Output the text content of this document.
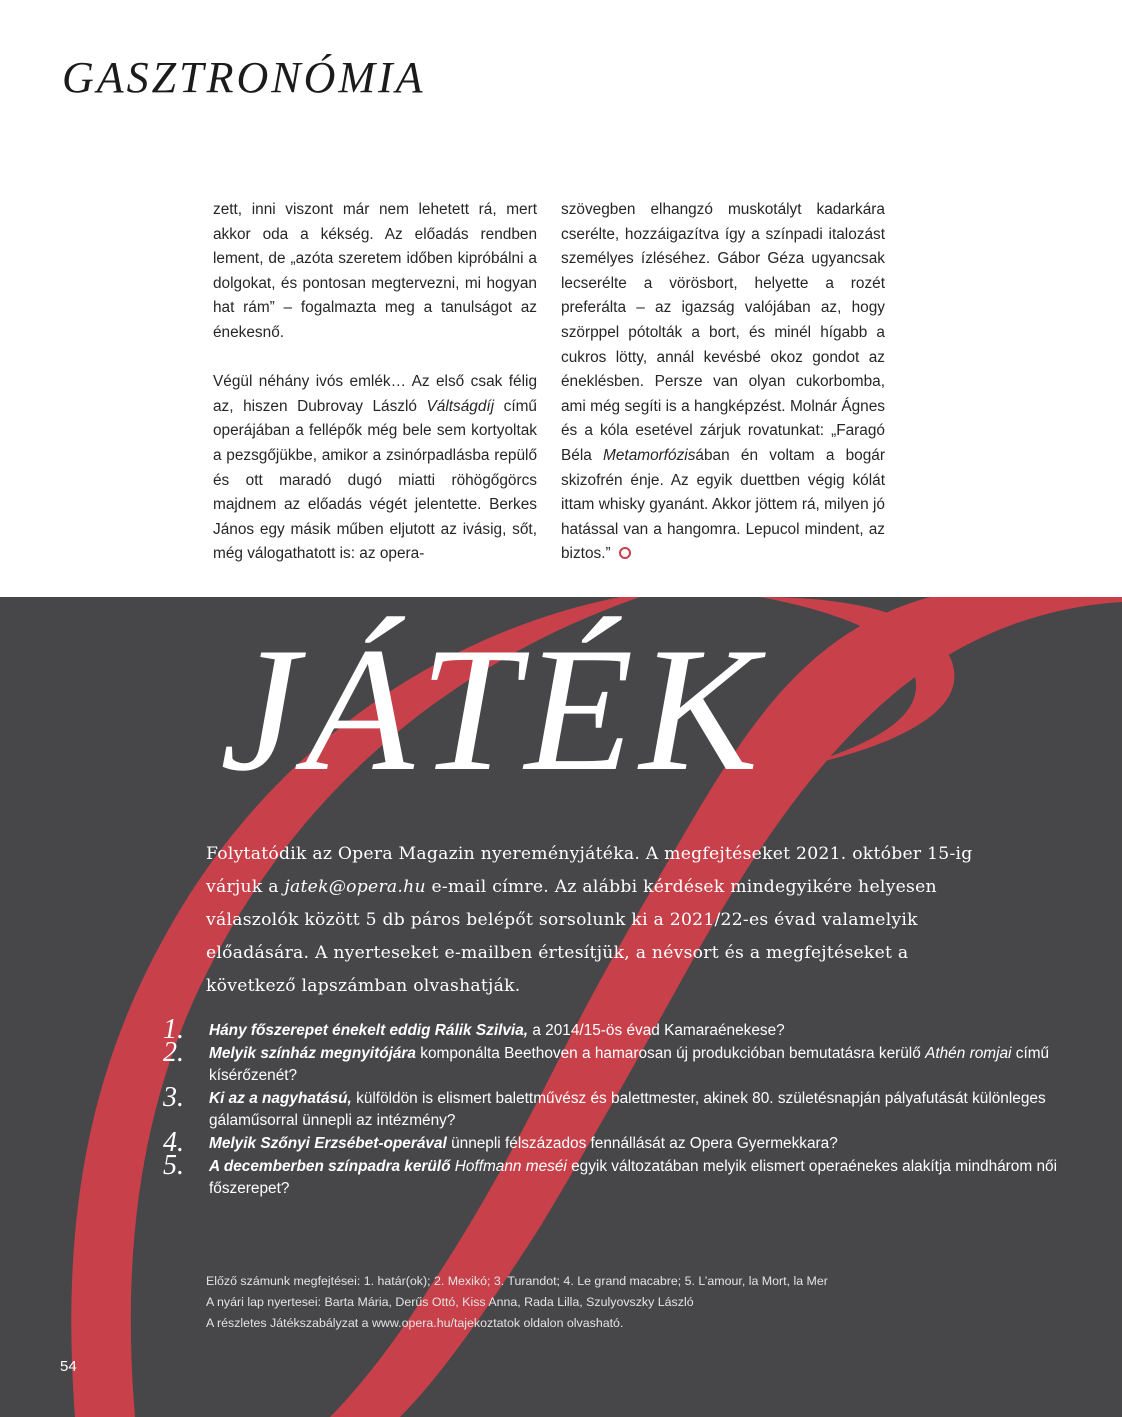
GASZTRONÓMIA

zett, inni viszont már nem lehetett rá, mert akkor oda a kékség. Az előadás rendben lement, de „azóta szeretem időben kipróbálni a dolgokat, és pontosan megtervezni, mi hogyan hat rám” – fogalmazta meg a tanulságot az énekesnő.

Végül néhány ivós emlék… Az első csak félig az, hiszen Dubrovay László Váltságdíj című operájában a fellépők még bele sem kortyoltak a pezsgőjükbe, amikor a zsinórpadlásba repülő és ott maradó dugó miatti röhögőgörcs majdnem az előadás végét jelentette. Berkes János egy másik műben eljutott az ivásig, sőt, még válogathatott is: az opera-

szövegben elhangzó muskotályt kadarkára cserélte, hozzáigazítva így a színpadi italozást személyes ízléséhez. Gábor Géza ugyancsak lecserélte a vörösbort, helyette a rozét preferálta – az igazság valójában az, hogy szörppel pótolták a bort, és minél hígabb a cukros lötty, annál kevésbé okoz gondot az éneklésben. Persze van olyan cukorbomba, ami még segíti is a hangképzést. Molnár Ágnes és a kóla esetével zárjuk rovatunkat: „Faragó Béla Metamorfózisában én voltam a bogár skizofrén énje. Az egyik duettben végig kólát ittam whisky gyanánt. Akkor jöttem rá, milyen jó hatással van a hangomra. Lepucol mindent, az biztos.”

JÁTÉK

Folytatódik az Opera Magazin nyereményjátéka. A megfejtéseket 2021. október 15-ig várjuk a jatek@opera.hu e-mail címre. Az alábbi kérdések mindegyikére helyesen válaszolók között 5 db páros belépőt sorsolunk ki a 2021/22-es évad valamelyik előadására. A nyerteseket e-mailben értesítjük, a névsort és a megfejtéseket a következő lapszámban olvashatják.

1. Hány főszerepet énekelt eddig Rálik Szilvia, a 2014/15-ös évad Kamaraénekese?
2. Melyik színház megnyitójára komponálta Beethoven a hamarosan új produkcióban bemutatásra kerülő Athén romjai című kísérőzenét?
3. Ki az a nagyhatású, külföldön is elismert balettművész és balettmester, akinek 80. születésnapján pályafutását különleges gálaműsorral ünnepli az intézmény?
4. Melyik Szőnyi Erzsébet-operával ünnepli félszázados fennállását az Opera Gyermekkara?
5. A decemberben színpadra kerülő Hoffmann meséi egyik változatában melyik elismert operaénekes alakítja mindhárom női főszerepet?
Előző számunk megfejtései: 1. határ(ok); 2. Mexikó; 3. Turandot; 4. Le grand macabre; 5. L’amour, la Mort, la Mer
A nyári lap nyertesei: Barta Mária, Derűs Ottó, Kiss Anna, Rada Lilla, Szulyovszky László
A részletes Játékszabályzat a www.opera.hu/tajekoztatok oldalon olvasható.
54
